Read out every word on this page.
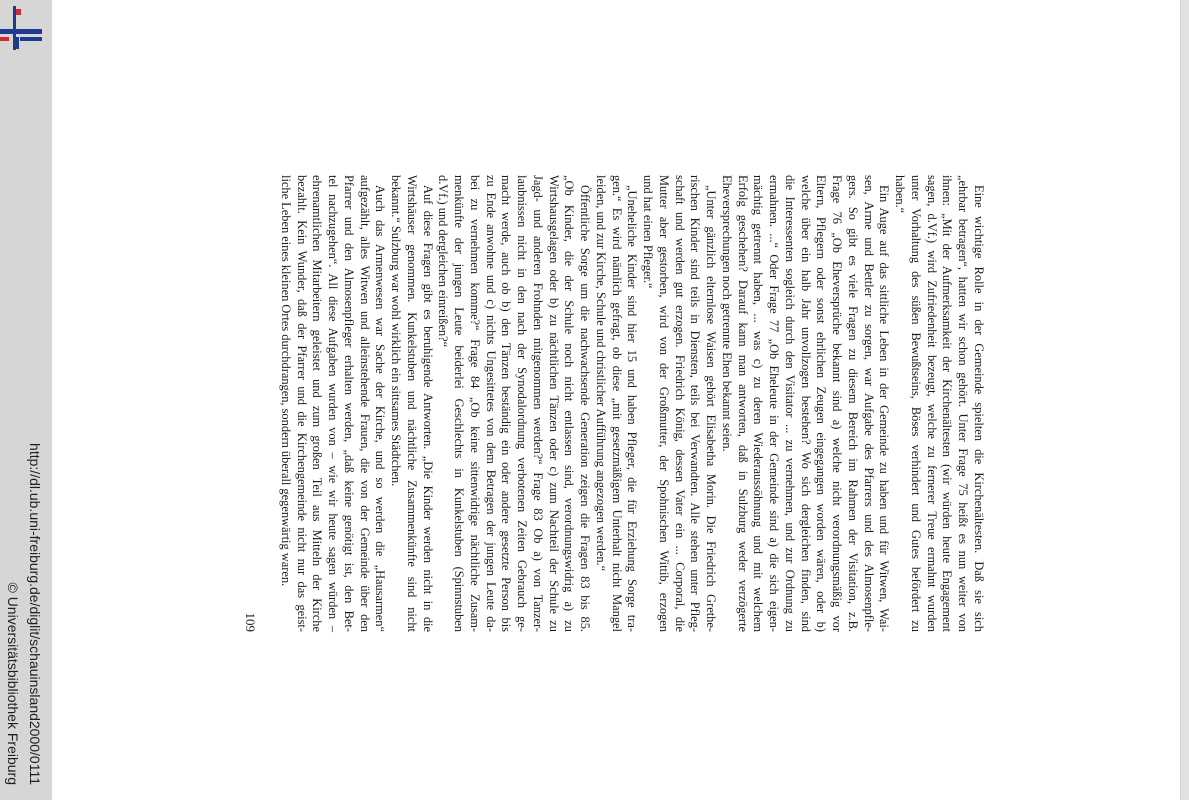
http://dl.ub.uni-freiburg.de/diglit/schauinsland2000/0111
© Universitätsbibliothek Freiburg
Eine wichtige Rolle in der Gemeinde spielten die Kirchenältesten. Daß sie sich
„ehrbar betragen“, hatten wir schon gehört. Unter Frage 75 heißt es nun weiter von
ihnen: „Mit der Aufmerksamkeit der Kirchenältesten (wir würden heute Engagement
sagen, d.Vf.) wird Zufriedenheit bezeugt, welche zu fernerer Treue ermahnt wurden
unter Vorhaltung des süßen Bewußtseins, Böses verhindert und Gutes befördert zu
haben.“
Ein Auge auf das sittliche Leben in der Gemeinde zu haben und für Witwen, Wai-
sen, Arme und Bettler zu sorgen, war Aufgabe des Pfarrers und des Almosenpfle-
gers. So gibt es viele Fragen zu diesem Bereich im Rahmen der Visitation, z.B.
Frage 76 „Ob Eheversprüche bekannt sind a) welche nicht verordnungsmäßig vor
Eltern, Pflegern oder sonst ehrlichen Zeugen eingegangen worden wären, oder b)
welche über ein halb Jahr unvollzogen bestehen? Wo sich dergleichen finden, sind
die Interessenten sogleich durch den Visitator ... zu vernehmen, und zur Ordnung zu
ermahnen. ...“ Oder Frage 77 „Ob Eheleute in der Gemeinde sind a) die sich eigen-
mächtig getrennt haben, ... was c) zu deren Wiederaussöhnung und mit welchem
Erfolg geschehen? Darauf kann man antworten, daß in Sulzburg weder verzögerte
Eheversprechungen noch getrennte Ehen bekannt seien.
„Unter gänzlich elternlose Waisen gehört Elisabetha Morin. Die Friedrich Grethe-
rischen Kinder sind teils in Diensten, teils bei Verwandten. Alle stehen unter Pfleg-
schaft und werden gut erzogen. Friedrich König, dessen Vater ein ... Corporal, die
Mutter aber gestorben, wird von der Großmutter, der Spohnischen Wittib, erzogen
und hat einen Pfleger.“
„Uneheliche Kinder sind hier 15 und haben Pfleger, die für Erziehung Sorge tra-
gen.“ Es wird nämlich gefragt, ob diese „mit gesetzmäßigem Unterhalt nicht Mangel
leiden, und zur Kirche, Schule und christlicher Aufführung angezogen werden.“
Öffentliche Sorge um die nachwachsende Generation zeigen die Fragen 83 bis 85.
„Ob Kinder, die der Schule noch nicht entlassen sind, verordnungswidrig a) zu
Wirtshausgelagen oder b) zu nächtlichen Tänzen oder c) zum Nachteil der Schule zu
Jagd- und anderen Frohnden mitgenommen werden?“ Frage 83 Ob a) von Tanzer-
laubnissen nicht in den nach der Synodalordnung verbotenen Zeiten Gebrauch ge-
macht werde, auch ob b) den Tänzen beständig ein oder andere gesetzte Person bis
zu Ende anwohne und c) nichts Ungesittetes von dem Betragen der jungen Leute da-
bei zu vernehmen komme?“ Frage 84 „Ob keine sittenwidrige nächtliche Zusam-
menkünfte der jungen Leute beiderlei Geschlechts in Kunkelstuben (Spinnstuben
d.Vf.) und dergleichen einreißen?“
Auf diese Fragen gibt es beruhigende Antworten. „Die Kinder werden nicht in die
Wirtshäuser genommen. Kunkelstuben und nächtliche Zusammenkünfte sind nicht
bekannt.“ Sulzburg war wohl wirklich ein sittsames Städtchen.
Auch das Armenwesen war Sache der Kirche, und so werden die „Hausarmen“
aufgezählt, alles Witwen und alleinstehende Frauen, die von der Gemeinde über den
Pfarrer und den Almosenpfleger erhalten werden, „daß keine genötigt ist, den Bet-
tel nachzugehen“. All diese Aufgaben wurden von – wie wir heute sagen würden –
ehrenamtlichen Mitarbeitern geleistet und zum großen Teil aus Mitteln der Kirche
bezahlt. Kein Wunder, daß der Pfarrer und die Kirchengemeinde nicht nur das geist-
liche Leben eines kleinen Ortes durchdrangen, sondern überall gegenwärtig waren.
109
